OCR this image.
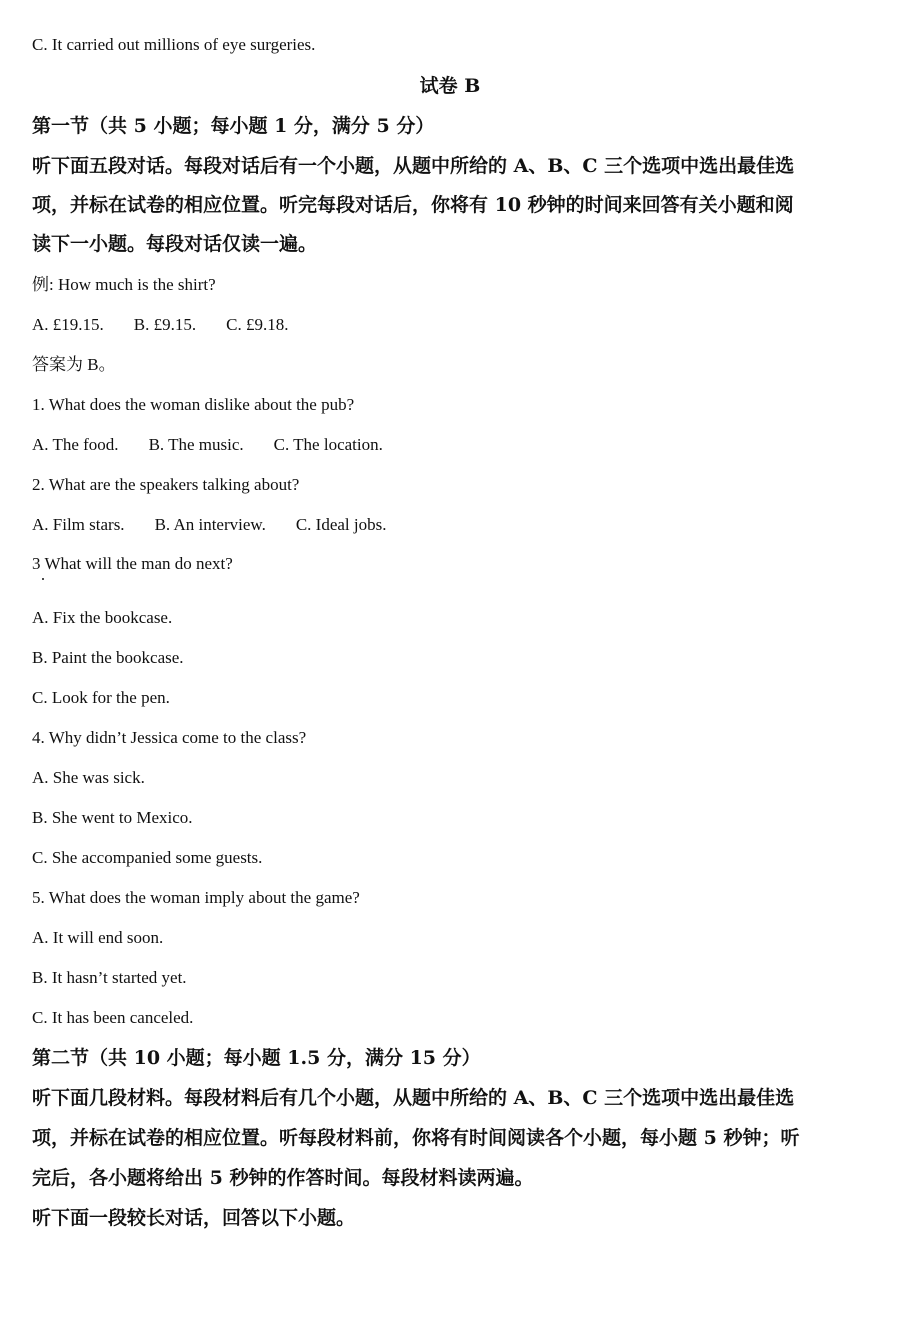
C. It carried out millions of eye surgeries.
试卷 B
第一节（共 5 小题；每小题 1 分，满分 5 分）
听下面五段对话。每段对话后有一个小题，从题中所给的 A、B、C 三个选项中选出最佳选
项，并标在试卷的相应位置。听完每段对话后，你将有 10 秒钟的时间来回答有关小题和阅
读下一小题。每段对话仅读一遍。
例: How much is the shirt?
A. £19.15. B. £9.15. C. £9.18.
答案为 B。
1. What does the woman dislike about the pub?
A. The food. B. The music. C. The location.
2. What are the speakers talking about?
A. Film stars. B. An interview. C. Ideal jobs.
3 What will the man do next?
A. Fix the bookcase.
B. Paint the bookcase.
C. Look for the pen.
4. Why didn’t Jessica come to the class?
A. She was sick.
B. She went to Mexico.
C. She accompanied some guests.
5. What does the woman imply about the game?
A. It will end soon.
B. It hasn’t started yet.
C. It has been canceled.
第二节（共 10 小题；每小题 1.5 分，满分 15 分）
听下面几段材料。每段材料后有几个小题，从题中所给的 A、B、C 三个选项中选出最佳选
项，并标在试卷的相应位置。听每段材料前，你将有时间阅读各个小题，每小题 5 秒钟；听
完后，各小题将给出 5 秒钟的作答时间。每段材料读两遍。
听下面一段较长对话，回答以下小题。
